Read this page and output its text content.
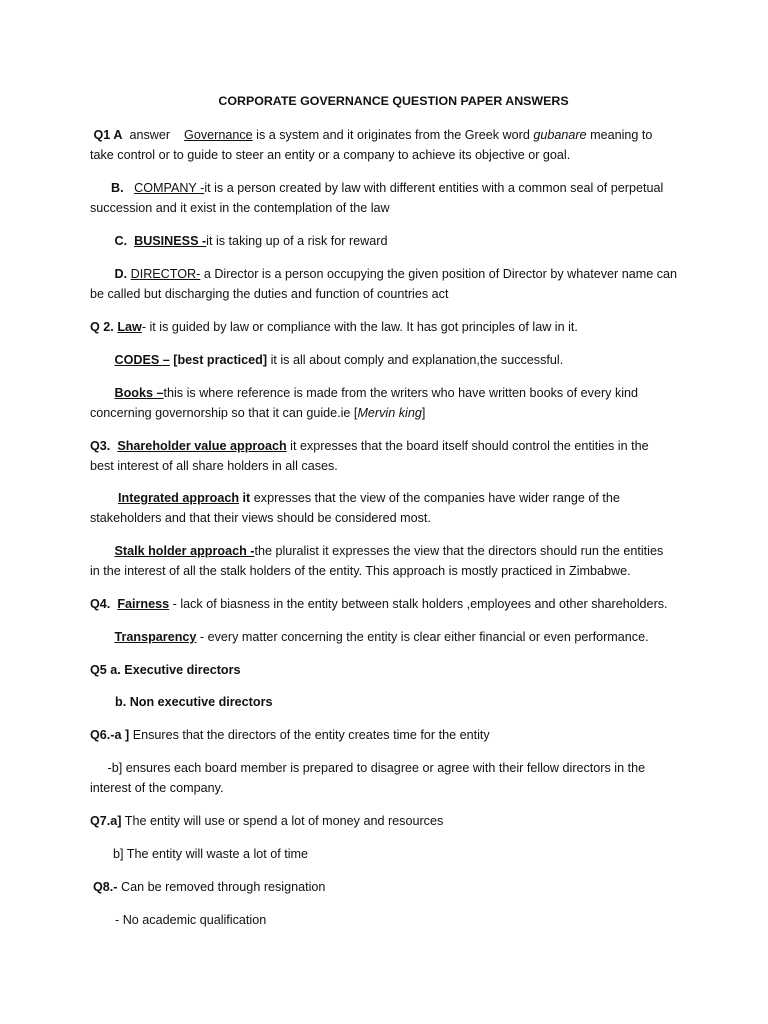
CORPORATE GOVERNANCE QUESTION PAPER ANSWERS
Q1 A answer Governance is a system and it originates from the Greek word gubanare meaning to
take control or to guide to steer an entity or a company to achieve its objective or goal.
B. COMPANY -it is a person created by law with different entities with a common seal of perpetual
succession and it exist in the contemplation of the law
C. BUSINESS -it is taking up of a risk for reward
D. DIRECTOR- a Director is a person occupying the given position of Director by whatever name can
be called but discharging the duties and function of countries act
Q 2. Law- it is guided by law or compliance with the law. It has got principles of law in it.
CODES – [best practiced] it is all about comply and explanation,the successful.
Books –this is where reference is made from the writers who have written books of every kind
concerning governorship so that it can guide.ie [Mervin king]
Q3. Shareholder value approach it expresses that the board itself should control the entities in the
best interest of all share holders in all cases.
Integrated approach it expresses that the view of the companies have wider range of the
stakeholders and that their views should be considered most.
Stalk holder approach -the pluralist it expresses the view that the directors should run the entities
in the interest of all the stalk holders of the entity. This approach is mostly practiced in Zimbabwe.
Q4. Fairness - lack of biasness in the entity between stalk holders ,employees and other shareholders.
Transparency - every matter concerning the entity is clear either financial or even performance.
Q5 a. Executive directors
b. Non executive directors
Q6.-a ] Ensures that the directors of the entity creates time for the entity
-b] ensures each board member is prepared to disagree or agree with their fellow directors in the
interest of the company.
Q7.a] The entity will use or spend a lot of money and resources
b] The entity will waste a lot of time
Q8.- Can be removed through resignation
- No academic qualification
